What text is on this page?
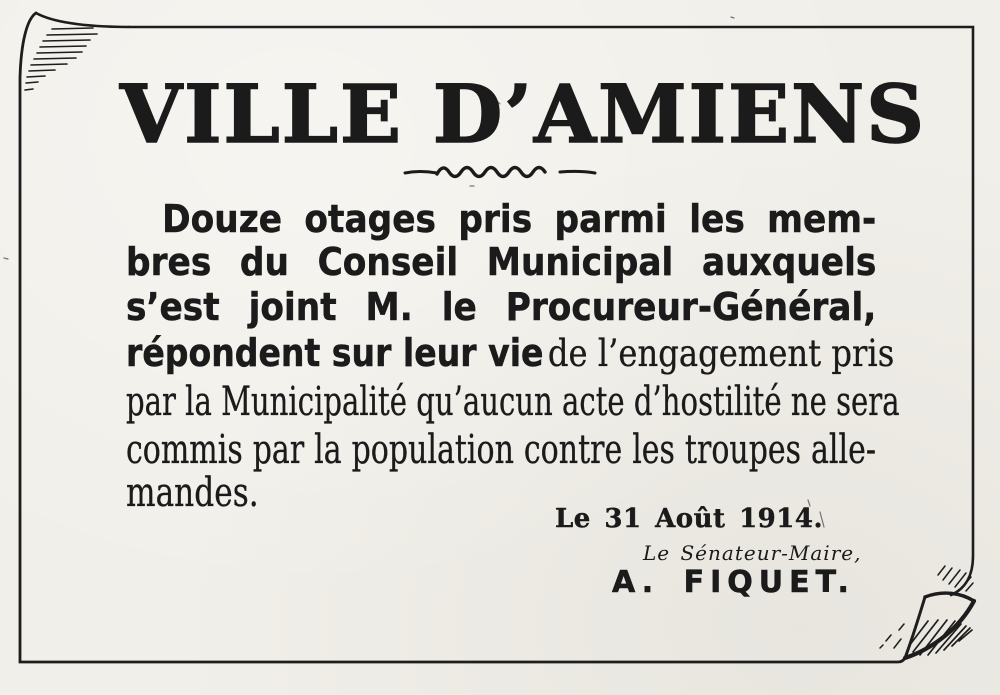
VILLE D’AMIENS
Douze otages pris parmi les mem-
bres du Conseil Municipal auxquels
s’est joint M. le Procureur-Général,
répondent sur leur vie de l’engagement pris
par la Municipalité qu’aucun acte d’hostilité ne sera
commis par la population contre les troupes alle-
mandes.
Le 31 Août 1914.
Le Sénateur-Maire,
A. FIQUET.
